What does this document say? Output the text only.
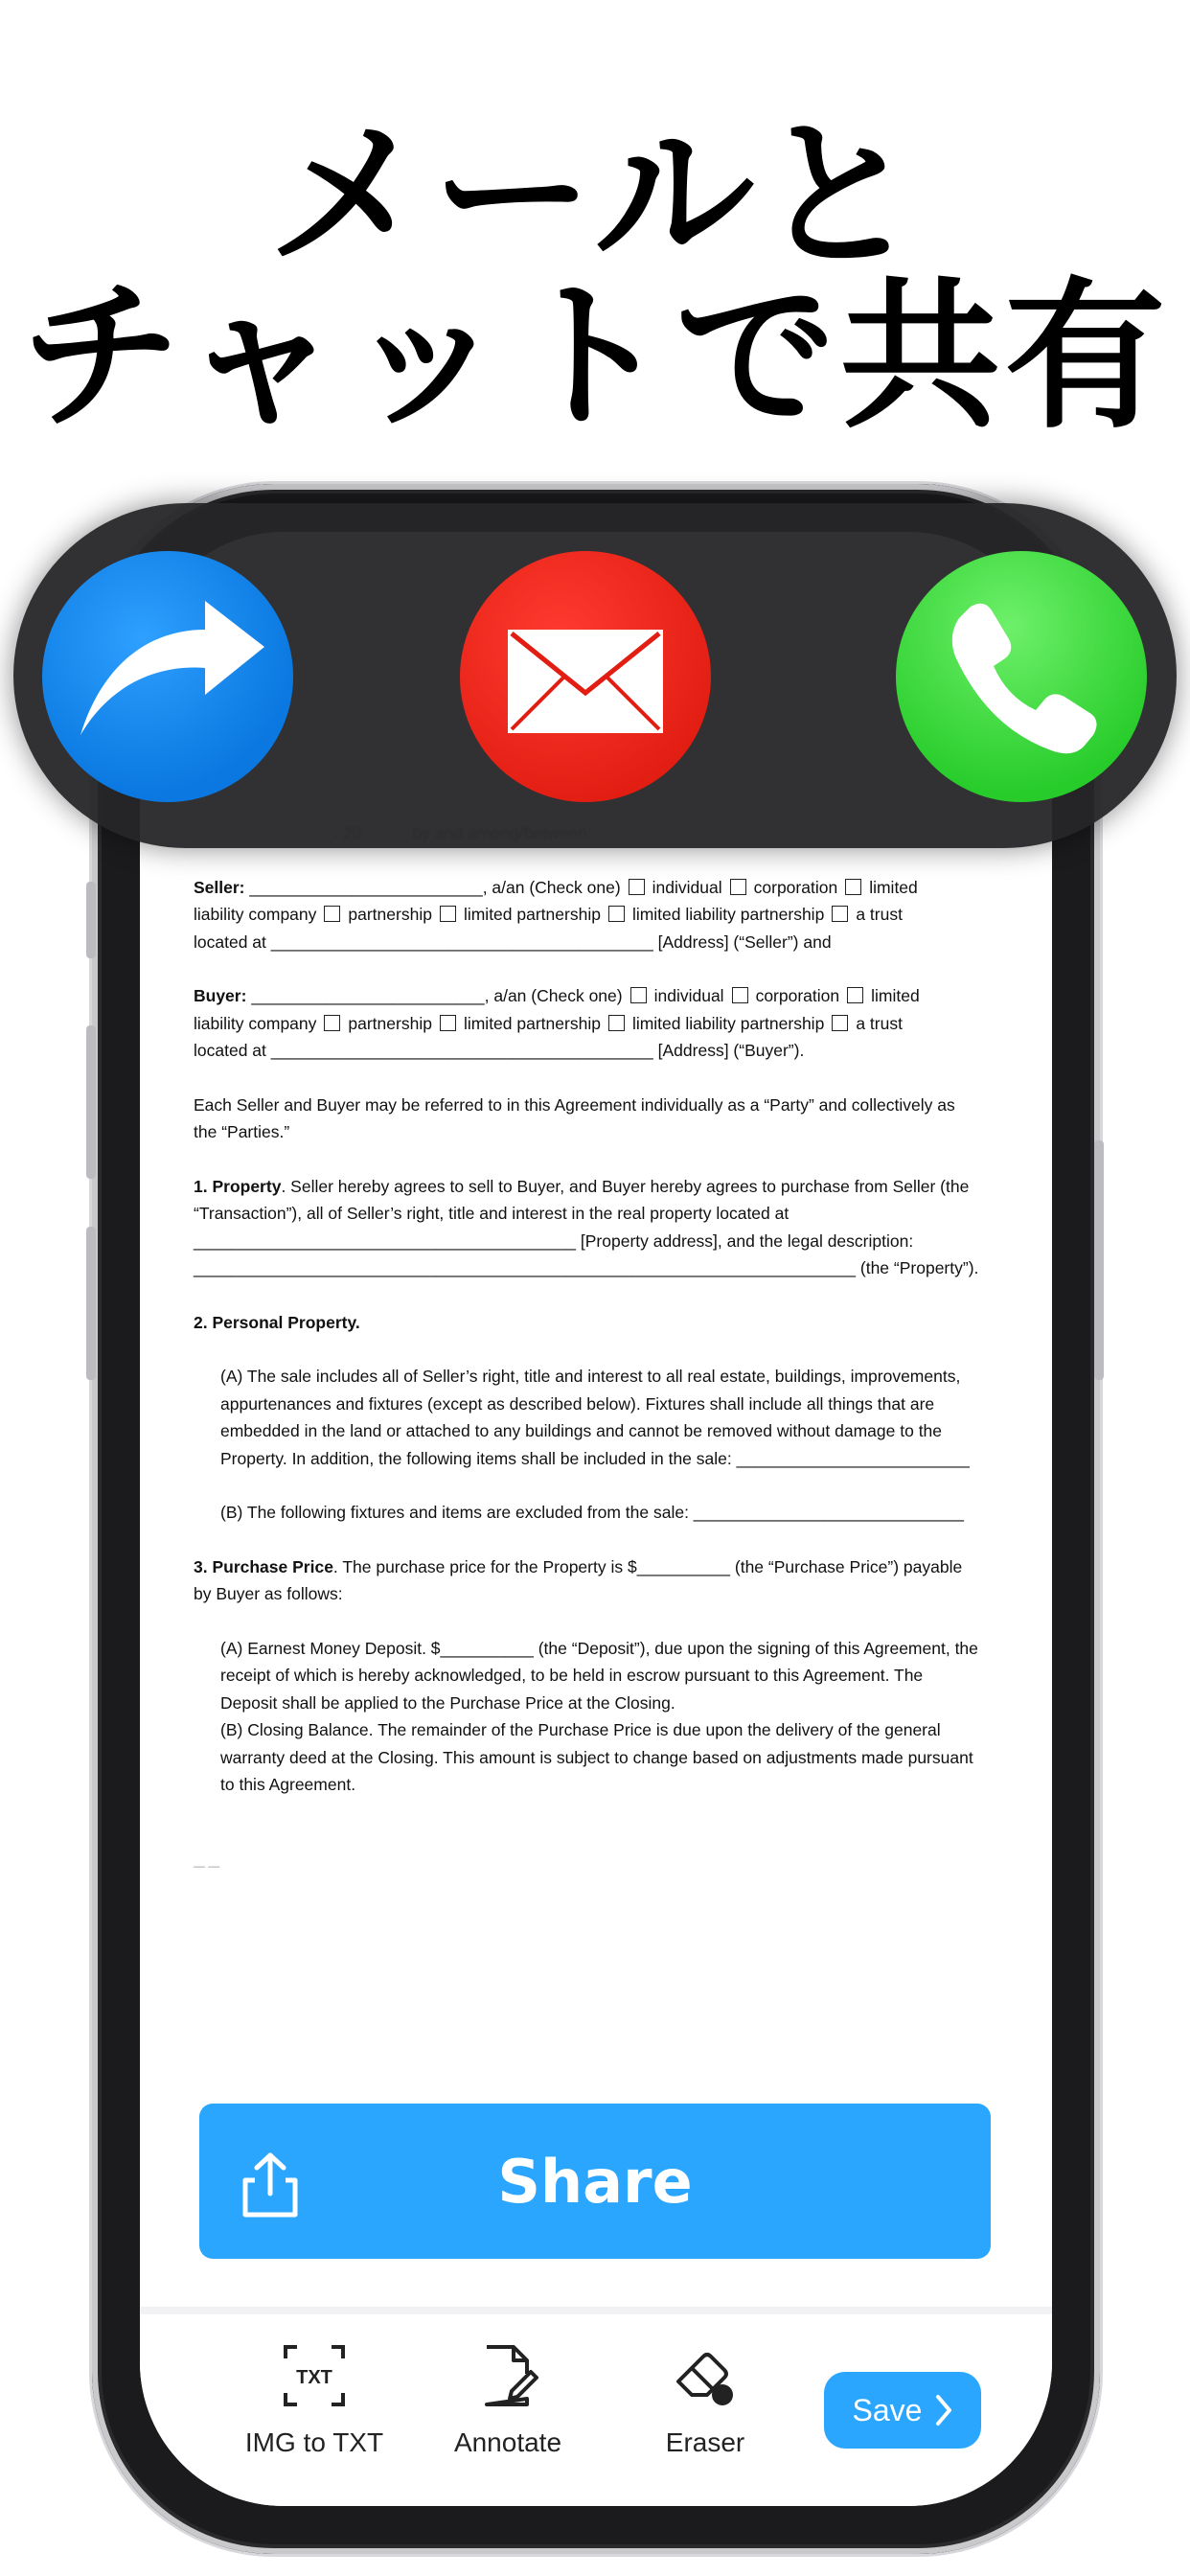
メールと
チャットで共有

Seller: _________________________, a/an (Check one) individual corporation limited

liability company partnership limited partnership limited liability partnership a trust

located at _________________________________________ [Address] (“Seller”) and

Buyer: _________________________, a/an (Check one) individual corporation limited

liability company partnership limited partnership limited liability partnership a trust

located at _________________________________________ [Address] (“Buyer”).

Each Seller and Buyer may be referred to in this Agreement individually as a “Party” and collectively as

the “Parties.”

1. Property. Seller hereby agrees to sell to Buyer, and Buyer hereby agrees to purchase from Seller (the

“Transaction”), all of Seller’s right, title and interest in the real property located at

_________________________________________ [Property address], and the legal description:

_______________________________________________________________________ (the “Property”).

2. Personal Property.

(A) The sale includes all of Seller’s right, title and interest to all real estate, buildings, improvements,

appurtenances and fixtures (except as described below). Fixtures shall include all things that are

embedded in the land or attached to any buildings and cannot be removed without damage to the

Property. In addition, the following items shall be included in the sale: _________________________

(B) The following fixtures and items are excluded from the sale: _____________________________

3. Purchase Price. The purchase price for the Property is $__________ (the “Purchase Price”) payable

by Buyer as follows:

(A) Earnest Money Deposit. $__________ (the “Deposit”), due upon the signing of this Agreement, the

receipt of which is hereby acknowledged, to be held in escrow pursuant to this Agreement. The

Deposit shall be applied to the Purchase Price at the Closing.

(B) Closing Balance. The remainder of the Purchase Price is due upon the delivery of the general

warranty deed at the Closing. This amount is subject to change based on adjustments made pursuant

to this Agreement.

— —

Share
TXT
IMG to TXT	Annotate	Eraser
Save
